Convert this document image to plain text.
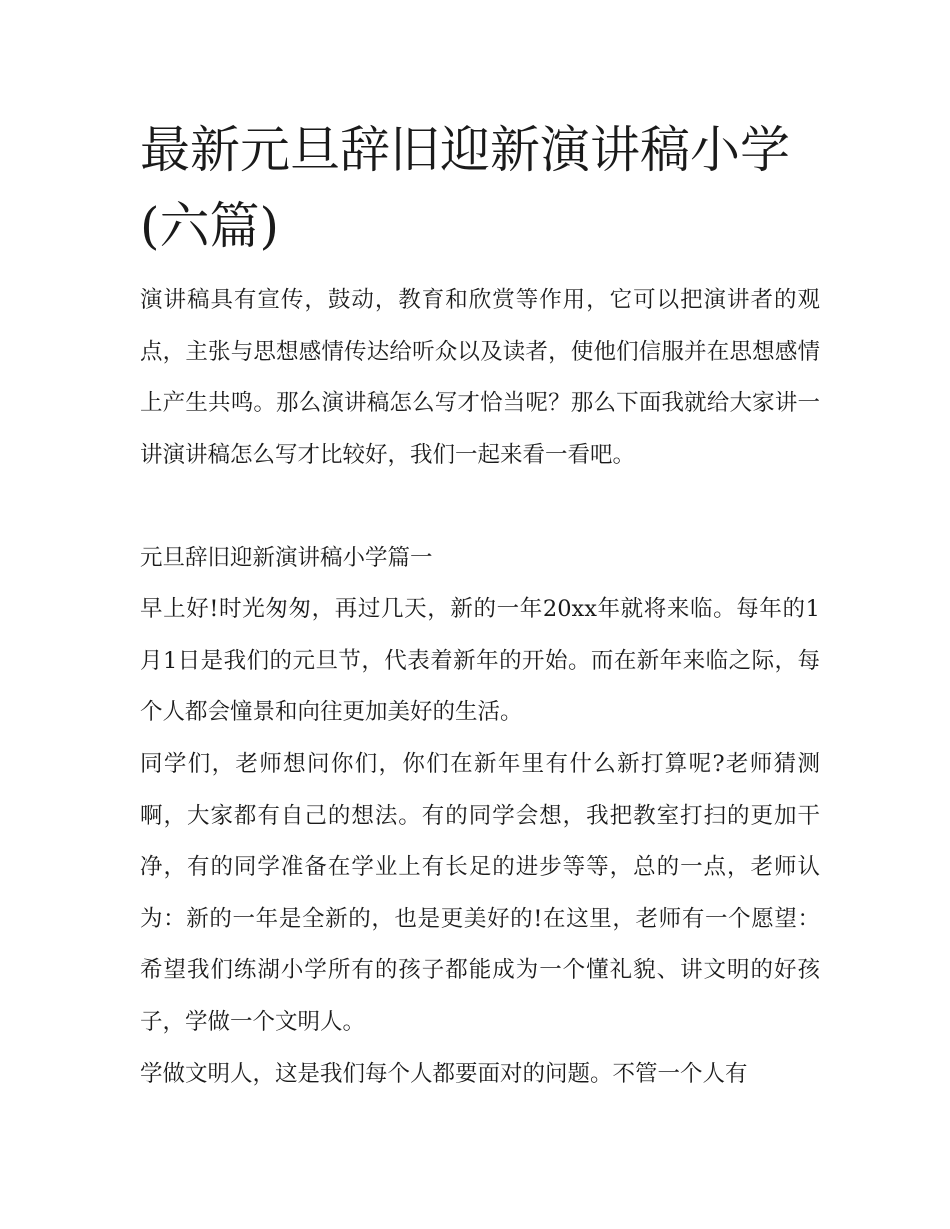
最新元旦辞旧迎新演讲稿小学(六篇)

演讲稿具有宣传，鼓动，教育和欣赏等作用，它可以把演讲者的观点，主张与思想感情传达给听众以及读者，使他们信服并在思想感情上产生共鸣。那么演讲稿怎么写才恰当呢？那么下面我就给大家讲一讲演讲稿怎么写才比较好，我们一起来看一看吧。

元旦辞旧迎新演讲稿小学篇一

早上好!时光匆匆，再过几天，新的一年20xx年就将来临。每年的1月1日是我们的元旦节，代表着新年的开始。而在新年来临之际，每个人都会憧景和向往更加美好的生活。

同学们，老师想问你们，你们在新年里有什么新打算呢?老师猜测啊，大家都有自己的想法。有的同学会想，我把教室打扫的更加干净，有的同学准备在学业上有长足的进步等等，总的一点，老师认为：新的一年是全新的，也是更美好的!在这里，老师有一个愿望：希望我们练湖小学所有的孩子都能成为一个懂礼貌、讲文明的好孩子，学做一个文明人。

学做文明人，这是我们每个人都要面对的问题。不管一个人有
